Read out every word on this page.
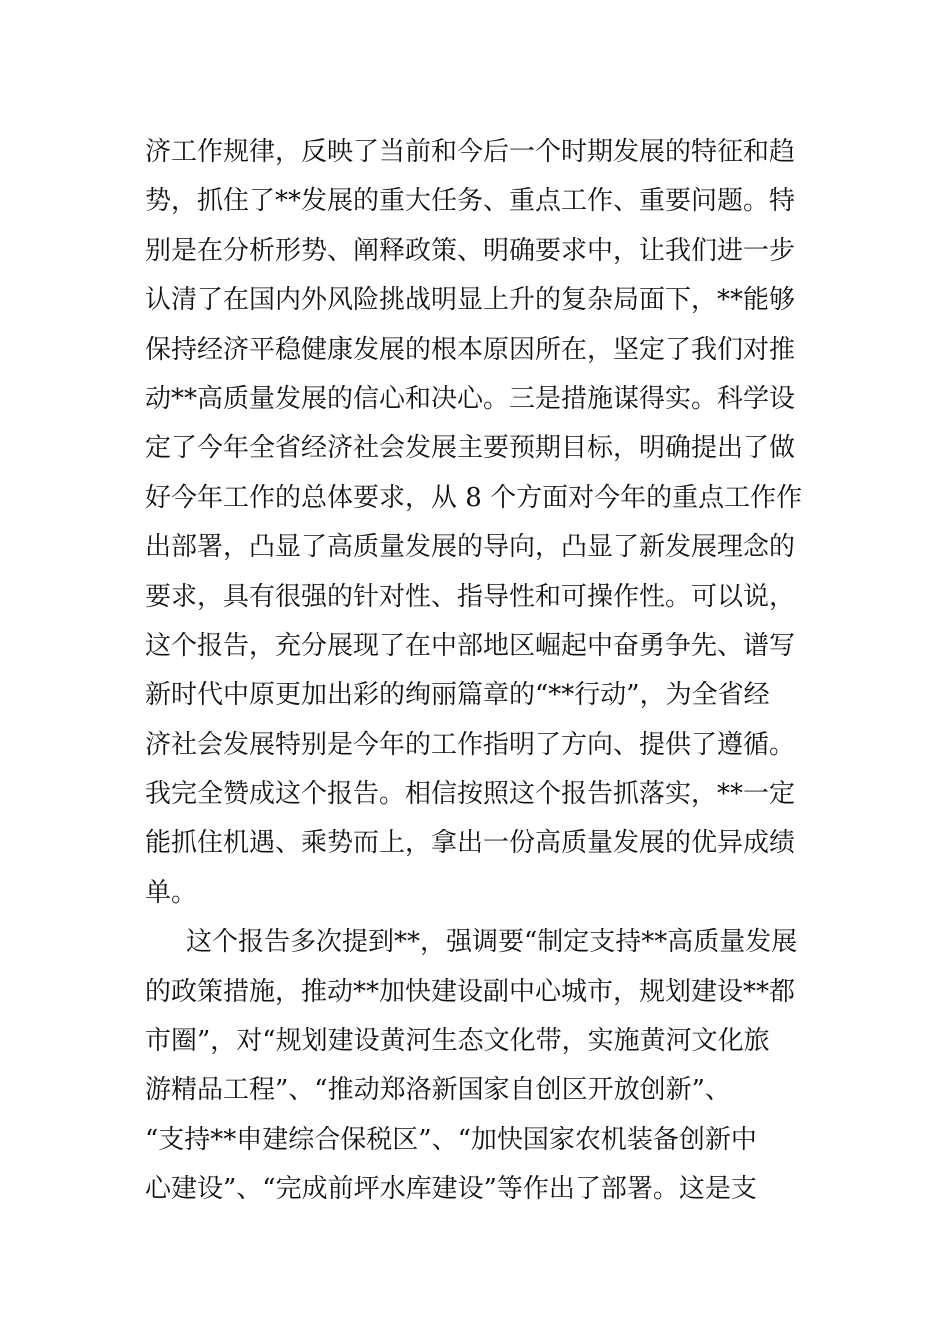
济工作规律，反映了当前和今后一个时期发展的特征和趋
势，抓住了**发展的重大任务、重点工作、重要问题。特
别是在分析形势、阐释政策、明确要求中，让我们进一步
认清了在国内外风险挑战明显上升的复杂局面下，**能够
保持经济平稳健康发展的根本原因所在，坚定了我们对推
动**高质量发展的信心和决心。三是措施谋得实。科学设
定了今年全省经济社会发展主要预期目标，明确提出了做
好今年工作的总体要求，从 8 个方面对今年的重点工作作
出部署，凸显了高质量发展的导向，凸显了新发展理念的
要求，具有很强的针对性、指导性和可操作性。可以说，
这个报告，充分展现了在中部地区崛起中奋勇争先、谱写
新时代中原更加出彩的绚丽篇章的“**行动”，为全省经
济社会发展特别是今年的工作指明了方向、提供了遵循。
我完全赞成这个报告。相信按照这个报告抓落实，**一定
能抓住机遇、乘势而上，拿出一份高质量发展的优异成绩
单。
这个报告多次提到**，强调要“制定支持**高质量发展
的政策措施，推动**加快建设副中心城市，规划建设**都
市圈”，对“规划建设黄河生态文化带，实施黄河文化旅
游精品工程”、“推动郑洛新国家自创区开放创新”、
“支持**申建综合保税区”、“加快国家农机装备创新中
心建设”、“完成前坪水库建设”等作出了部署。这是支
